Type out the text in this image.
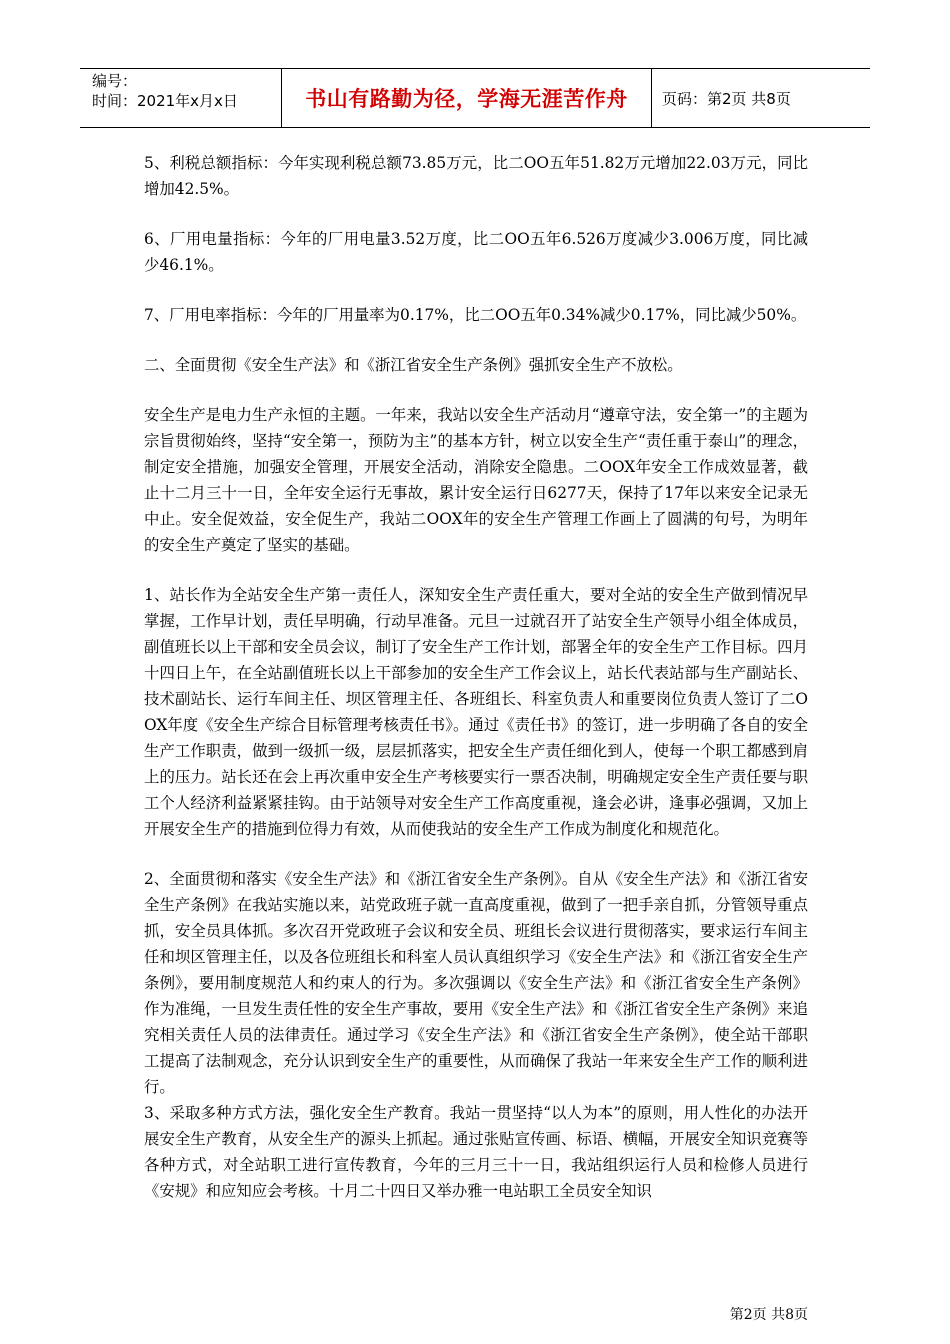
编号：
时间：2021年x月x日	书山有路勤为径，学海无涯苦作舟	页码：第2页 共8页

5、利税总额指标：今年实现利税总额73.85万元，比二OO五年51.82万元增加22.03万元，同比增加42.5%。

6、厂用电量指标：今年的厂用电量3.52万度，比二OO五年6.526万度减少3.006万度，同比减少46.1%。

7、厂用电率指标：今年的厂用量率为0.17%，比二OO五年0.34%减少0.17%，同比减少50%。

二、全面贯彻《安全生产法》和《浙江省安全生产条例》强抓安全生产不放松。

安全生产是电力生产永恒的主题。一年来，我站以安全生产活动月“遵章守法，安全第一”的主题为宗旨贯彻始终，坚持“安全第一，预防为主”的基本方针，树立以安全生产“责任重于泰山”的理念，制定安全措施，加强安全管理，开展安全活动，消除安全隐患。二OOX年安全工作成效显著，截止十二月三十一日，全年安全运行无事故，累计安全运行日6277天，保持了17年以来安全记录无中止。安全促效益，安全促生产，我站二OOX年的安全生产管理工作画上了圆满的句号，为明年的安全生产奠定了坚实的基础。

1、站长作为全站安全生产第一责任人，深知安全生产责任重大，要对全站的安全生产做到情况早掌握，工作早计划，责任早明确，行动早准备。元旦一过就召开了站安全生产领导小组全体成员，副值班长以上干部和安全员会议，制订了安全生产工作计划，部署全年的安全生产工作目标。四月十四日上午，在全站副值班长以上干部参加的安全生产工作会议上，站长代表站部与生产副站长、技术副站长、运行车间主任、坝区管理主任、各班组长、科室负责人和重要岗位负责人签订了二OOX年度《安全生产综合目标管理考核责任书》。通过《责任书》的签订，进一步明确了各自的安全生产工作职责，做到一级抓一级，层层抓落实，把安全生产责任细化到人，使每一个职工都感到肩上的压力。站长还在会上再次重申安全生产考核要实行一票否决制，明确规定安全生产责任要与职工个人经济利益紧紧挂钩。由于站领导对安全生产工作高度重视，逢会必讲，逢事必强调，又加上开展安全生产的措施到位得力有效，从而使我站的安全生产工作成为制度化和规范化。

2、全面贯彻和落实《安全生产法》和《浙江省安全生产条例》。自从《安全生产法》和《浙江省安全生产条例》在我站实施以来，站党政班子就一直高度重视，做到了一把手亲自抓，分管领导重点抓，安全员具体抓。多次召开党政班子会议和安全员、班组长会议进行贯彻落实，要求运行车间主任和坝区管理主任，以及各位班组长和科室人员认真组织学习《安全生产法》和《浙江省安全生产条例》，要用制度规范人和约束人的行为。多次强调以《安全生产法》和《浙江省安全生产条例》作为准绳，一旦发生责任性的安全生产事故，要用《安全生产法》和《浙江省安全生产条例》来追究相关责任人员的法律责任。通过学习《安全生产法》和《浙江省安全生产条例》，使全站干部职工提高了法制观念，充分认识到安全生产的重要性，从而确保了我站一年来安全生产工作的顺利进行。

3、采取多种方式方法，强化安全生产教育。我站一贯坚持“以人为本”的原则，用人性化的办法开展安全生产教育，从安全生产的源头上抓起。通过张贴宣传画、标语、横幅，开展安全知识竞赛等各种方式，对全站职工进行宣传教育，今年的三月三十一日，我站组织运行人员和检修人员进行《安规》和应知应会考核。十月二十四日又举办雅一电站职工全员安全知识

第2页 共8页
